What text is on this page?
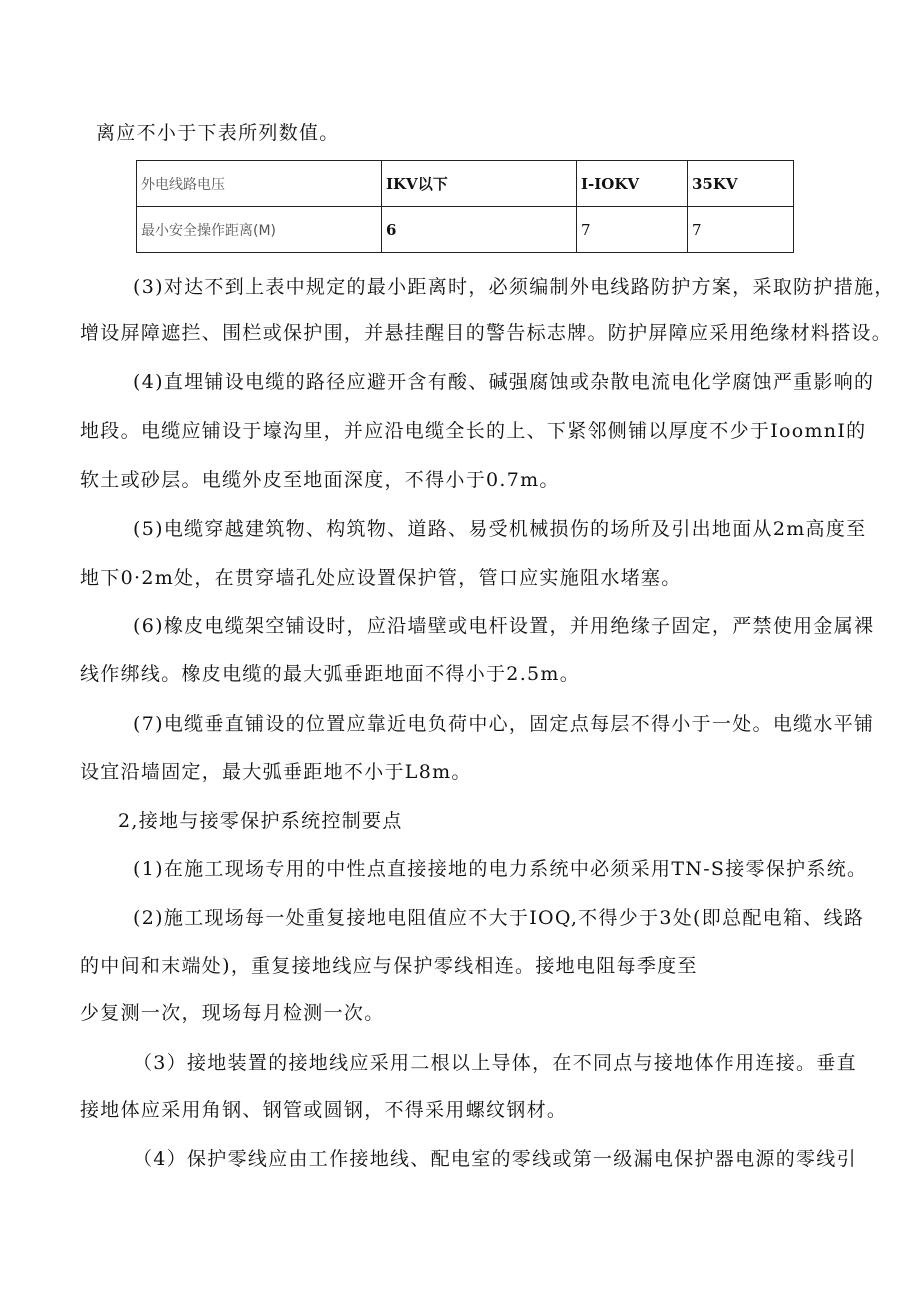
离应不小于下表所列数值。
外电线路电压	IKV以下	I-IOKV	35KV
最小安全操作距离(M)	6	7	7
(3)对达不到上表中规定的最小距离时，必须编制外电线路防护方案，采取防护措施，
增设屏障遮拦、围栏或保护围，并悬挂醒目的警告标志牌。防护屏障应采用绝缘材料搭设。
(4)直埋铺设电缆的路径应避开含有酸、碱强腐蚀或杂散电流电化学腐蚀严重影响的
地段。电缆应铺设于壕沟里，并应沿电缆全长的上、下紧邻侧铺以厚度不少于IoomnI的
软土或砂层。电缆外皮至地面深度，不得小于0.7m。
(5)电缆穿越建筑物、构筑物、道路、易受机械损伤的场所及引出地面从2m高度至
地下0·2m处，在贯穿墙孔处应设置保护管，管口应实施阻水堵塞。
(6)橡皮电缆架空铺设时，应沿墙壁或电杆设置，并用绝缘子固定，严禁使用金属裸
线作绑线。橡皮电缆的最大弧垂距地面不得小于2.5m。
(7)电缆垂直铺设的位置应靠近电负荷中心，固定点每层不得小于一处。电缆水平铺
设宜沿墙固定，最大弧垂距地不小于L8m。
2,接地与接零保护系统控制要点
(1)在施工现场专用的中性点直接接地的电力系统中必须采用TN-S接零保护系统。
(2)施工现场每一处重复接地电阻值应不大于IOQ,不得少于3处(即总配电箱、线路
的中间和末端处)，重复接地线应与保护零线相连。接地电阻每季度至
少复测一次，现场每月检测一次。
（3）接地装置的接地线应采用二根以上导体，在不同点与接地体作用连接。垂直
接地体应采用角钢、钢管或圆钢，不得采用螺纹钢材。
（4）保护零线应由工作接地线、配电室的零线或第一级漏电保护器电源的零线引
